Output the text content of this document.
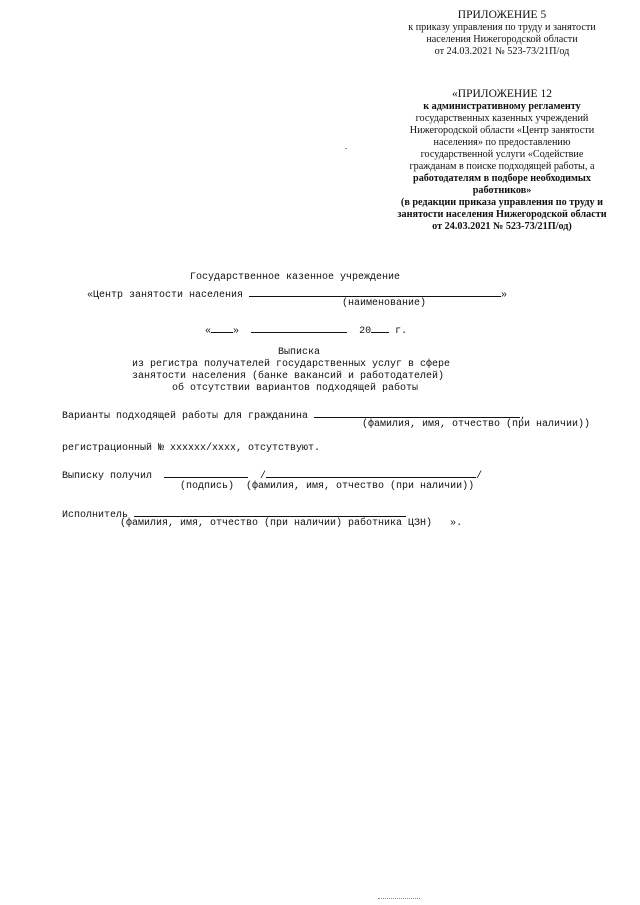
ПРИЛОЖЕНИЕ 5
к приказу управления по труду и занятости
населения Нижегородской области
от 24.03.2021 № 523-73/21П/од
«ПРИЛОЖЕНИЕ 12
к административному регламенту
государственных казенных учреждений
Нижегородской области «Центр занятости
населения» по предоставлению
государственной услуги «Содействие
гражданам в поиске подходящей работы, а
работодателям в подборе необходимых
работников»
(в редакции приказа управления по труду и
занятости населения Нижегородской области
от 24.03.2021 № 523-73/21П/од)
Государственное казенное учреждение
«Центр занятости населения	»
(наименование)
« »	20 г.
Выписка
из регистра получателей государственных услуг в сфере
занятости населения (банке вакансий и работодателей)
об отсутствии вариантов подходящей работы
Варианты подходящей работы для гражданина	,
(фамилия, имя, отчество (при наличии))
регистрационный № хххххх/хххх, отсутствуют.
Выписку получил	/	/
(подпись) (фамилия, имя, отчество (при наличии))
Исполнитель
(фамилия, имя, отчество (при наличии) работника ЦЗН) ».
